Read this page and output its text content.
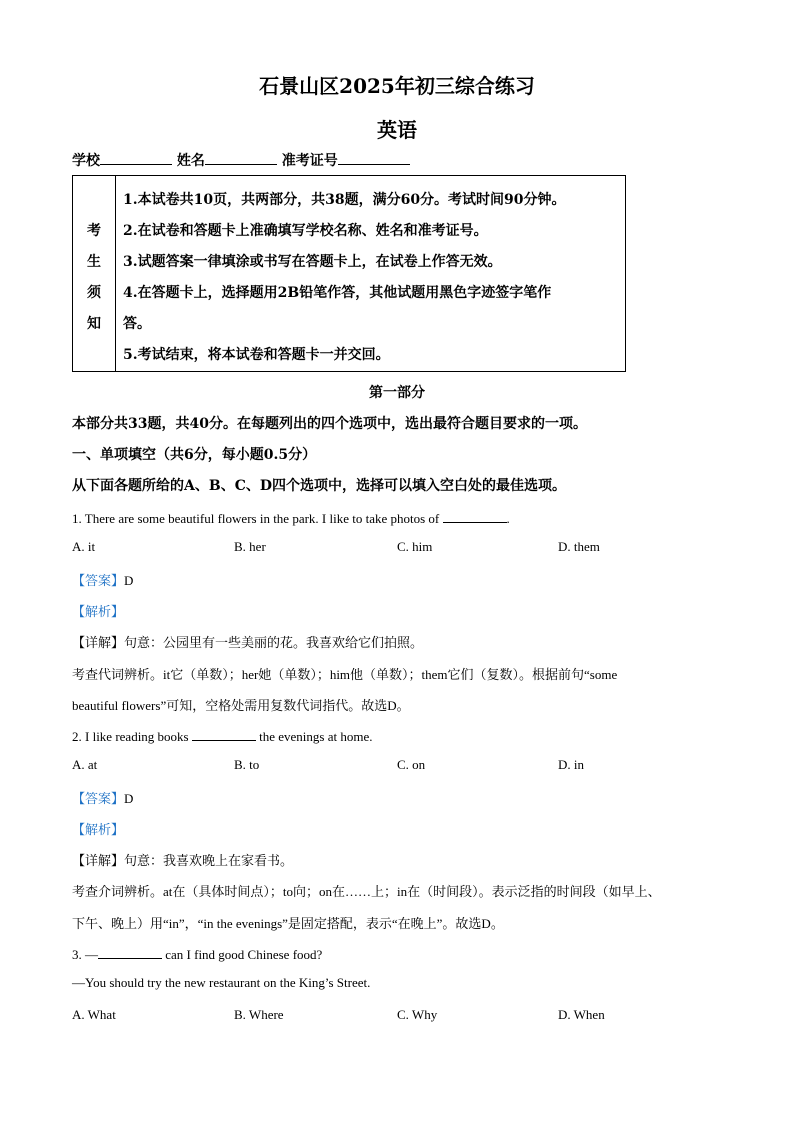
石景山区2025年初三综合练习
英语
学校	姓名	准考证号
考
生
须
知
1.本试卷共10页，共两部分，共38题，满分60分。考试时间90分钟。
2.在试卷和答题卡上准确填写学校名称、姓名和准考证号。
3.试题答案一律填涂或书写在答题卡上，在试卷上作答无效。
4.在答题卡上，选择题用2B铅笔作答，其他试题用黑色字迹签字笔作
答。
5.考试结束，将本试卷和答题卡一并交回。
第一部分
本部分共33题，共40分。在每题列出的四个选项中，选出最符合题目要求的一项。
一、单项填空（共6分，每小题0.5分）
从下面各题所给的A、B、C、D四个选项中，选择可以填入空白处的最佳选项。
1. There are some beautiful flowers in the park. I like to take photos of	.
A. it	B. her	C. him	D. them
【答案】D
【解析】
【详解】句意：公园里有一些美丽的花。我喜欢给它们拍照。
考查代词辨析。it它（单数）；her她（单数）；him他（单数）；them它们（复数）。根据前句“some
beautiful flowers”可知，空格处需用复数代词指代。故选D。
2. I like reading books	the evenings at home.
A. at	B. to	C. on	D. in
【答案】D
【解析】
【详解】句意：我喜欢晚上在家看书。
考查介词辨析。at在（具体时间点）；to向；on在……上；in在（时间段）。表示泛指的时间段（如早上、
下午、晚上）用“in”，“in the evenings”是固定搭配，表示“在晚上”。故选D。
3. —	can I find good Chinese food?
—You should try the new restaurant on the King’s Street.
A. What	B. Where	C. Why	D. When
